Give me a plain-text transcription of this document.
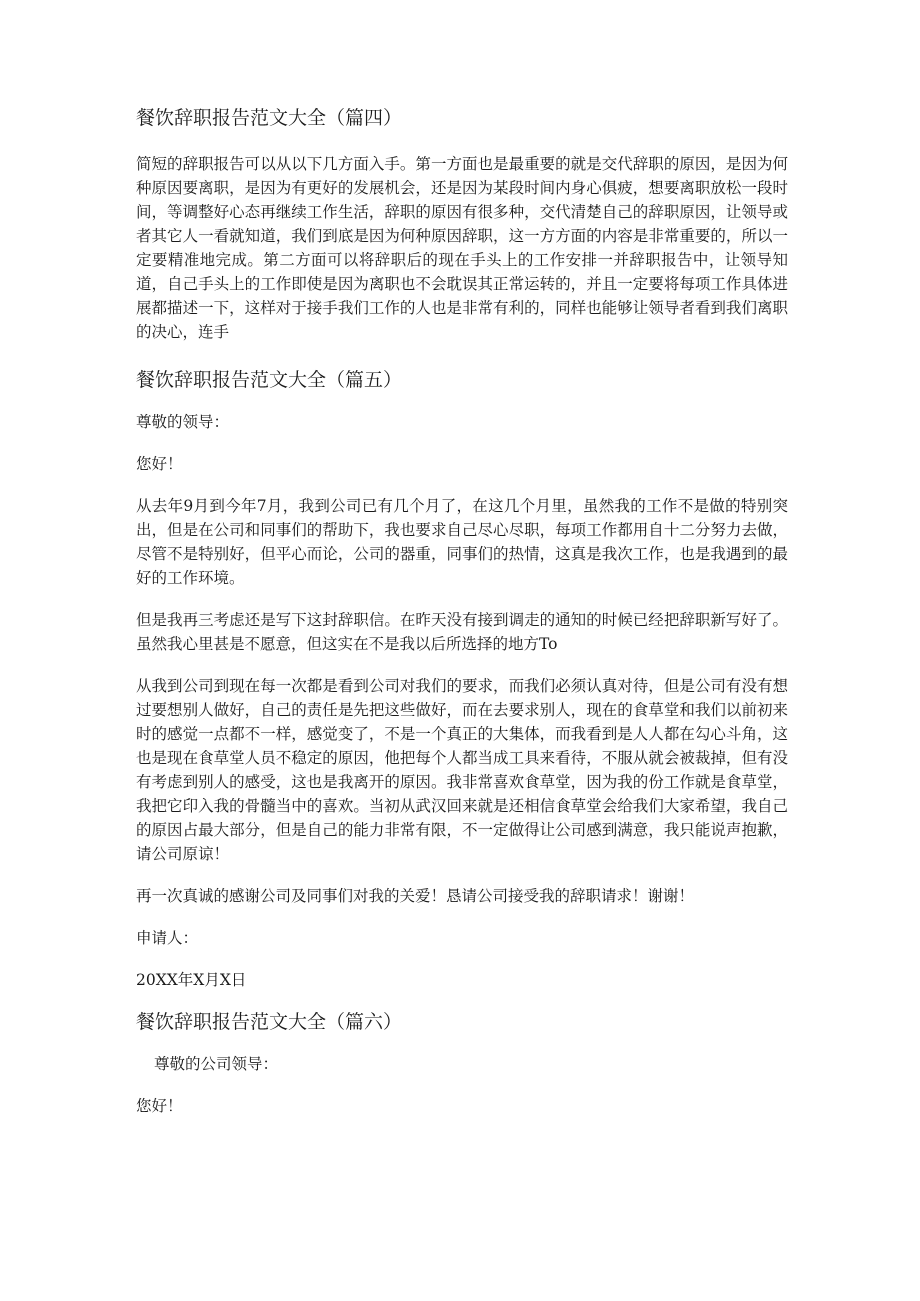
餐饮辞职报告范文大全（篇四）
简短的辞职报告可以从以下几方面入手。第一方面也是最重要的就是交代辞职的原因，是因为何种原因要离职，是因为有更好的发展机会，还是因为某段时间内身心俱疲，想要离职放松一段时间，等调整好心态再继续工作生活，辞职的原因有很多种，交代清楚自己的辞职原因，让领导或者其它人一看就知道，我们到底是因为何种原因辞职，这一方方面的内容是非常重要的，所以一定要精准地完成。第二方面可以将辞职后的现在手头上的工作安排一并辞职报告中，让领导知道，自己手头上的工作即使是因为离职也不会耽误其正常运转的，并且一定要将每项工作具体进展都描述一下，这样对于接手我们工作的人也是非常有利的，同样也能够让领导者看到我们离职的决心，连手
餐饮辞职报告范文大全（篇五）
尊敬的领导：
您好！
从去年9月到今年7月，我到公司已有几个月了，在这几个月里，虽然我的工作不是做的特别突出，但是在公司和同事们的帮助下，我也要求自己尽心尽职，每项工作都用自十二分努力去做，尽管不是特别好，但平心而论，公司的器重，同事们的热情，这真是我次工作，也是我遇到的最好的工作环境。
但是我再三考虑还是写下这封辞职信。在昨天没有接到调走的通知的时候已经把辞职新写好了。虽然我心里甚是不愿意，但这实在不是我以后所选择的地方To
从我到公司到现在每一次都是看到公司对我们的要求，而我们必须认真对待，但是公司有没有想过要想别人做好，自己的责任是先把这些做好，而在去要求别人，现在的食草堂和我们以前初来时的感觉一点都不一样，感觉变了，不是一个真正的大集体，而我看到是人人都在勾心斗角，这也是现在食草堂人员不稳定的原因，他把每个人都当成工具来看待，不服从就会被裁掉，但有没有考虑到别人的感受，这也是我离开的原因。我非常喜欢食草堂，因为我的份工作就是食草堂，我把它印入我的骨髓当中的喜欢。当初从武汉回来就是还相信食草堂会给我们大家希望，我自己的原因占最大部分，但是自己的能力非常有限，不一定做得让公司感到满意，我只能说声抱歉，请公司原谅！
再一次真诚的感谢公司及同事们对我的关爱！恳请公司接受我的辞职请求！谢谢！
申请人：
20XX年X月X日
餐饮辞职报告范文大全（篇六）
尊敬的公司领导：
您好！
